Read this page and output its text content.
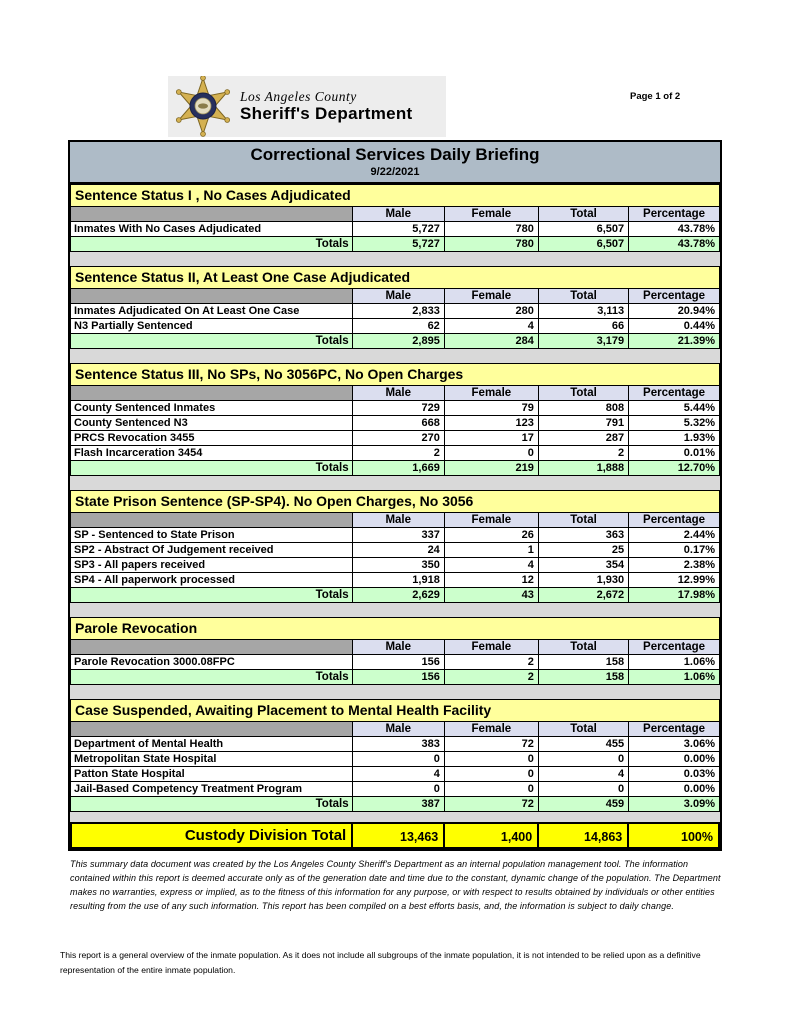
Los Angeles County
Sheriff's Department
Page 1 of 2
Correctional Services Daily Briefing
9/22/2021
Sentence Status I , No Cases Adjudicated				
	Male	Female	Total	Percentage
Inmates With No Cases Adjudicated	5,727	780	6,507	43.78%
Totals	5,727	780	6,507	43.78%
Sentence Status II, At Least One Case Adjudicated				
	Male	Female	Total	Percentage
Inmates Adjudicated On At Least One Case	2,833	280	3,113	20.94%
N3 Partially Sentenced	62	4	66	0.44%
Totals	2,895	284	3,179	21.39%
Sentence Status III, No SPs, No 3056PC, No Open Charges				
	Male	Female	Total	Percentage
County Sentenced Inmates	729	79	808	5.44%
County Sentenced N3	668	123	791	5.32%
PRCS Revocation 3455	270	17	287	1.93%
Flash Incarceration 3454	2	0	2	0.01%
Totals	1,669	219	1,888	12.70%
State Prison Sentence (SP-SP4). No Open Charges, No 3056				
	Male	Female	Total	Percentage
SP - Sentenced to State Prison	337	26	363	2.44%
SP2 - Abstract Of Judgement received	24	1	25	0.17%
SP3 - All papers received	350	4	354	2.38%
SP4 - All paperwork processed	1,918	12	1,930	12.99%
Totals	2,629	43	2,672	17.98%
Parole Revocation				
	Male	Female	Total	Percentage
Parole Revocation 3000.08FPC	156	2	158	1.06%
Totals	156	2	158	1.06%
Case Suspended, Awaiting Placement to Mental Health Facility				
	Male	Female	Total	Percentage
Department of Mental Health	383	72	455	3.06%
Metropolitan State Hospital	0	0	0	0.00%
Patton State Hospital	4	0	4	0.03%
Jail-Based Competency Treatment Program	0	0	0	0.00%
Totals	387	72	459	3.09%
Custody Division Total	13,463	1,400	14,863	100%
This summary data document was created by the Los Angeles County Sheriff's Department as an internal population management tool. The information contained within this report is deemed accurate only as of the generation date and time due to the constant, dynamic change of the population. The Department makes no warranties, express or implied, as to the fitness of this information for any purpose, or with respect to results obtained by individuals or other entities resulting from the use of any such information. This report has been compiled on a best efforts basis, and, the information is subject to daily change.
This report is a general overview of the inmate population. As it does not include all subgroups of the inmate population, it is not intended to be relied upon as a definitive representation of the entire inmate population.
